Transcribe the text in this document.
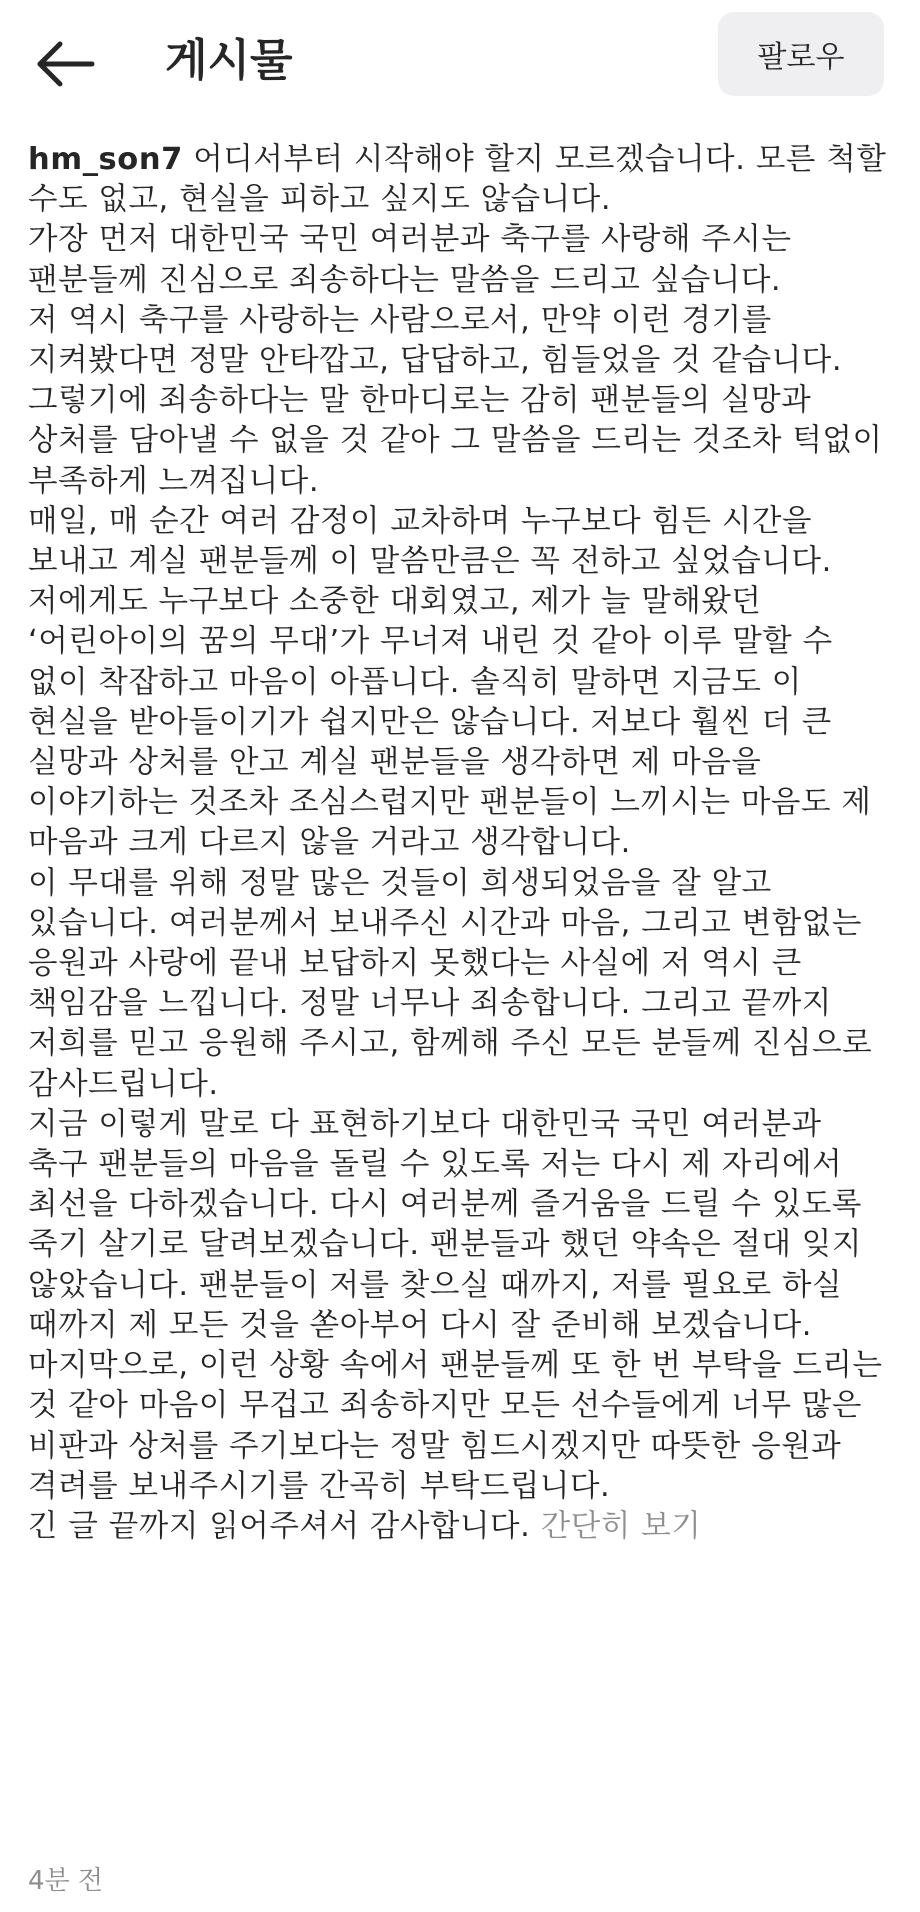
게시물	팔로우
hm_son7 어디서부터 시작해야 할지 모르겠습니다. 모른 척할
수도 없고, 현실을 피하고 싶지도 않습니다.
가장 먼저 대한민국 국민 여러분과 축구를 사랑해 주시는
팬분들께 진심으로 죄송하다는 말씀을 드리고 싶습니다.
저 역시 축구를 사랑하는 사람으로서, 만약 이런 경기를
지켜봤다면 정말 안타깝고, 답답하고, 힘들었을 것 같습니다.
그렇기에 죄송하다는 말 한마디로는 감히 팬분들의 실망과
상처를 담아낼 수 없을 것 같아 그 말씀을 드리는 것조차 턱없이
부족하게 느껴집니다.
매일, 매 순간 여러 감정이 교차하며 누구보다 힘든 시간을
보내고 계실 팬분들께 이 말씀만큼은 꼭 전하고 싶었습니다.
저에게도 누구보다 소중한 대회였고, 제가 늘 말해왔던
‘어린아이의 꿈의 무대’가 무너져 내린 것 같아 이루 말할 수
없이 착잡하고 마음이 아픕니다. 솔직히 말하면 지금도 이
현실을 받아들이기가 쉽지만은 않습니다. 저보다 훨씬 더 큰
실망과 상처를 안고 계실 팬분들을 생각하면 제 마음을
이야기하는 것조차 조심스럽지만 팬분들이 느끼시는 마음도 제
마음과 크게 다르지 않을 거라고 생각합니다.
이 무대를 위해 정말 많은 것들이 희생되었음을 잘 알고
있습니다. 여러분께서 보내주신 시간과 마음, 그리고 변함없는
응원과 사랑에 끝내 보답하지 못했다는 사실에 저 역시 큰
책임감을 느낍니다. 정말 너무나 죄송합니다. 그리고 끝까지
저희를 믿고 응원해 주시고, 함께해 주신 모든 분들께 진심으로
감사드립니다.
지금 이렇게 말로 다 표현하기보다 대한민국 국민 여러분과
축구 팬분들의 마음을 돌릴 수 있도록 저는 다시 제 자리에서
최선을 다하겠습니다. 다시 여러분께 즐거움을 드릴 수 있도록
죽기 살기로 달려보겠습니다. 팬분들과 했던 약속은 절대 잊지
않았습니다. 팬분들이 저를 찾으실 때까지, 저를 필요로 하실
때까지 제 모든 것을 쏟아부어 다시 잘 준비해 보겠습니다.
마지막으로, 이런 상황 속에서 팬분들께 또 한 번 부탁을 드리는
것 같아 마음이 무겁고 죄송하지만 모든 선수들에게 너무 많은
비판과 상처를 주기보다는 정말 힘드시겠지만 따뜻한 응원과
격려를 보내주시기를 간곡히 부탁드립니다.
긴 글 끝까지 읽어주셔서 감사합니다. 간단히 보기
4분 전
